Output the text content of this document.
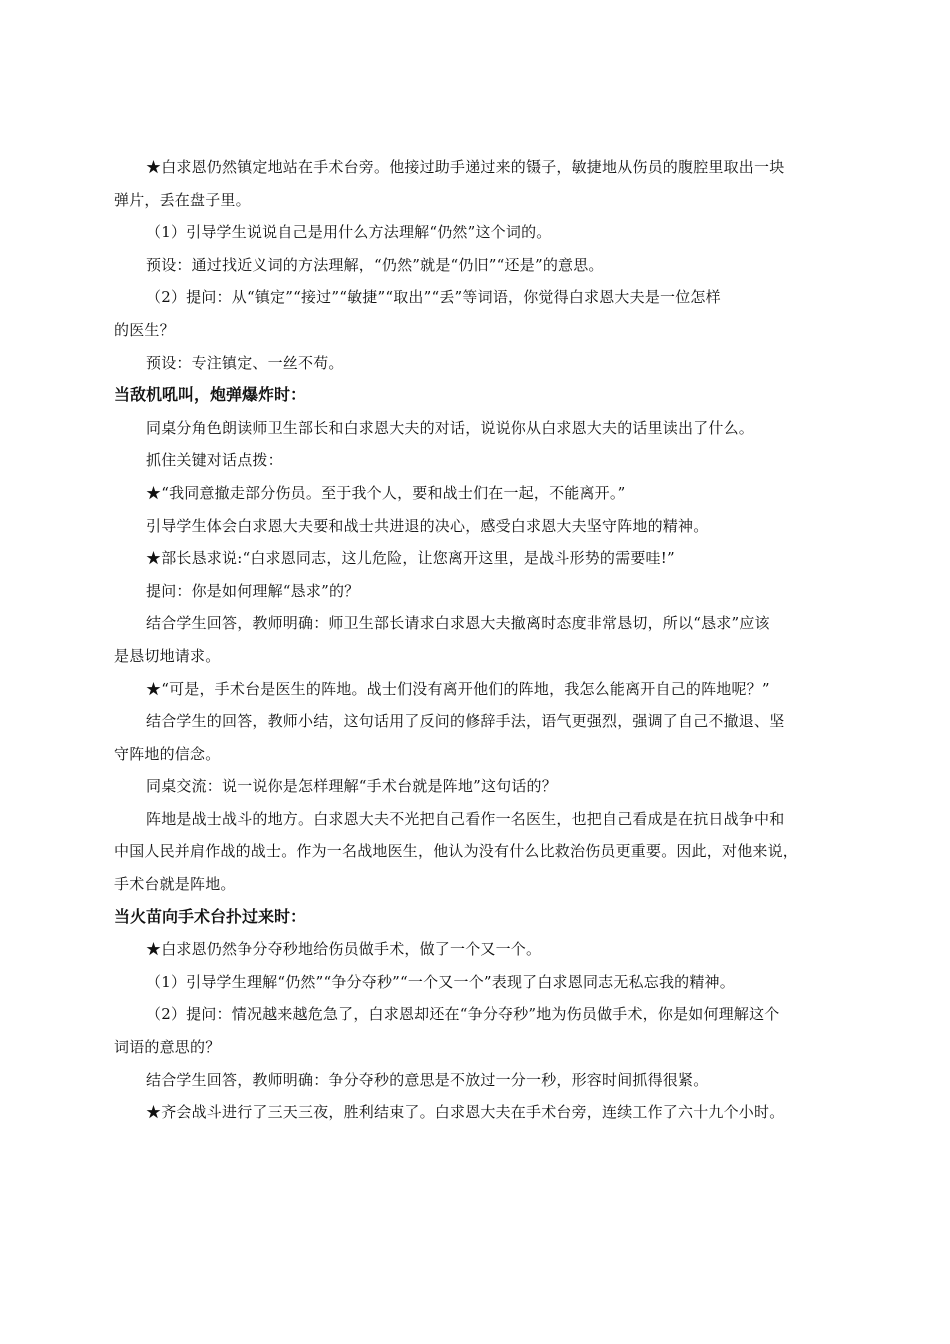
★白求恩仍然镇定地站在手术台旁。他接过助手递过来的镊子，敏捷地从伤员的腹腔里取出一块

弹片，丢在盘子里。

（1）引导学生说说自己是用什么方法理解“仍然”这个词的。

预设：通过找近义词的方法理解，“仍然”就是“仍旧”“还是”的意思。

（2）提问：从“镇定”“接过”“敏捷”“取出”“丢”等词语，你觉得白求恩大夫是一位怎样

的医生？

预设：专注镇定、一丝不苟。

当敌机吼叫，炮弹爆炸时：

同桌分角色朗读师卫生部长和白求恩大夫的对话，说说你从白求恩大夫的话里读出了什么。

抓住关键对话点拨：

★“我同意撤走部分伤员。至于我个人，要和战士们在一起，不能离开。”

引导学生体会白求恩大夫要和战士共进退的决心，感受白求恩大夫坚守阵地的精神。

★部长恳求说:“白求恩同志，这儿危险，让您离开这里，是战斗形势的需要哇!”

提问：你是如何理解“恳求”的？

结合学生回答，教师明确：师卫生部长请求白求恩大夫撤离时态度非常恳切，所以“恳求”应该

是恳切地请求。

★“可是，手术台是医生的阵地。战士们没有离开他们的阵地，我怎么能离开自己的阵地呢？”

结合学生的回答，教师小结，这句话用了反问的修辞手法，语气更强烈，强调了自己不撤退、坚

守阵地的信念。

同桌交流：说一说你是怎样理解“手术台就是阵地”这句话的？

阵地是战士战斗的地方。白求恩大夫不光把自己看作一名医生，也把自己看成是在抗日战争中和

中国人民并肩作战的战士。作为一名战地医生，他认为没有什么比救治伤员更重要。因此，对他来说，

手术台就是阵地。

当火苗向手术台扑过来时：

★白求恩仍然争分夺秒地给伤员做手术，做了一个又一个。

（1）引导学生理解“仍然”“争分夺秒”“一个又一个”表现了白求恩同志无私忘我的精神。

（2）提问：情况越来越危急了，白求恩却还在“争分夺秒”地为伤员做手术，你是如何理解这个

词语的意思的？

结合学生回答，教师明确：争分夺秒的意思是不放过一分一秒，形容时间抓得很紧。

★齐会战斗进行了三天三夜，胜利结束了。白求恩大夫在手术台旁，连续工作了六十九个小时。
